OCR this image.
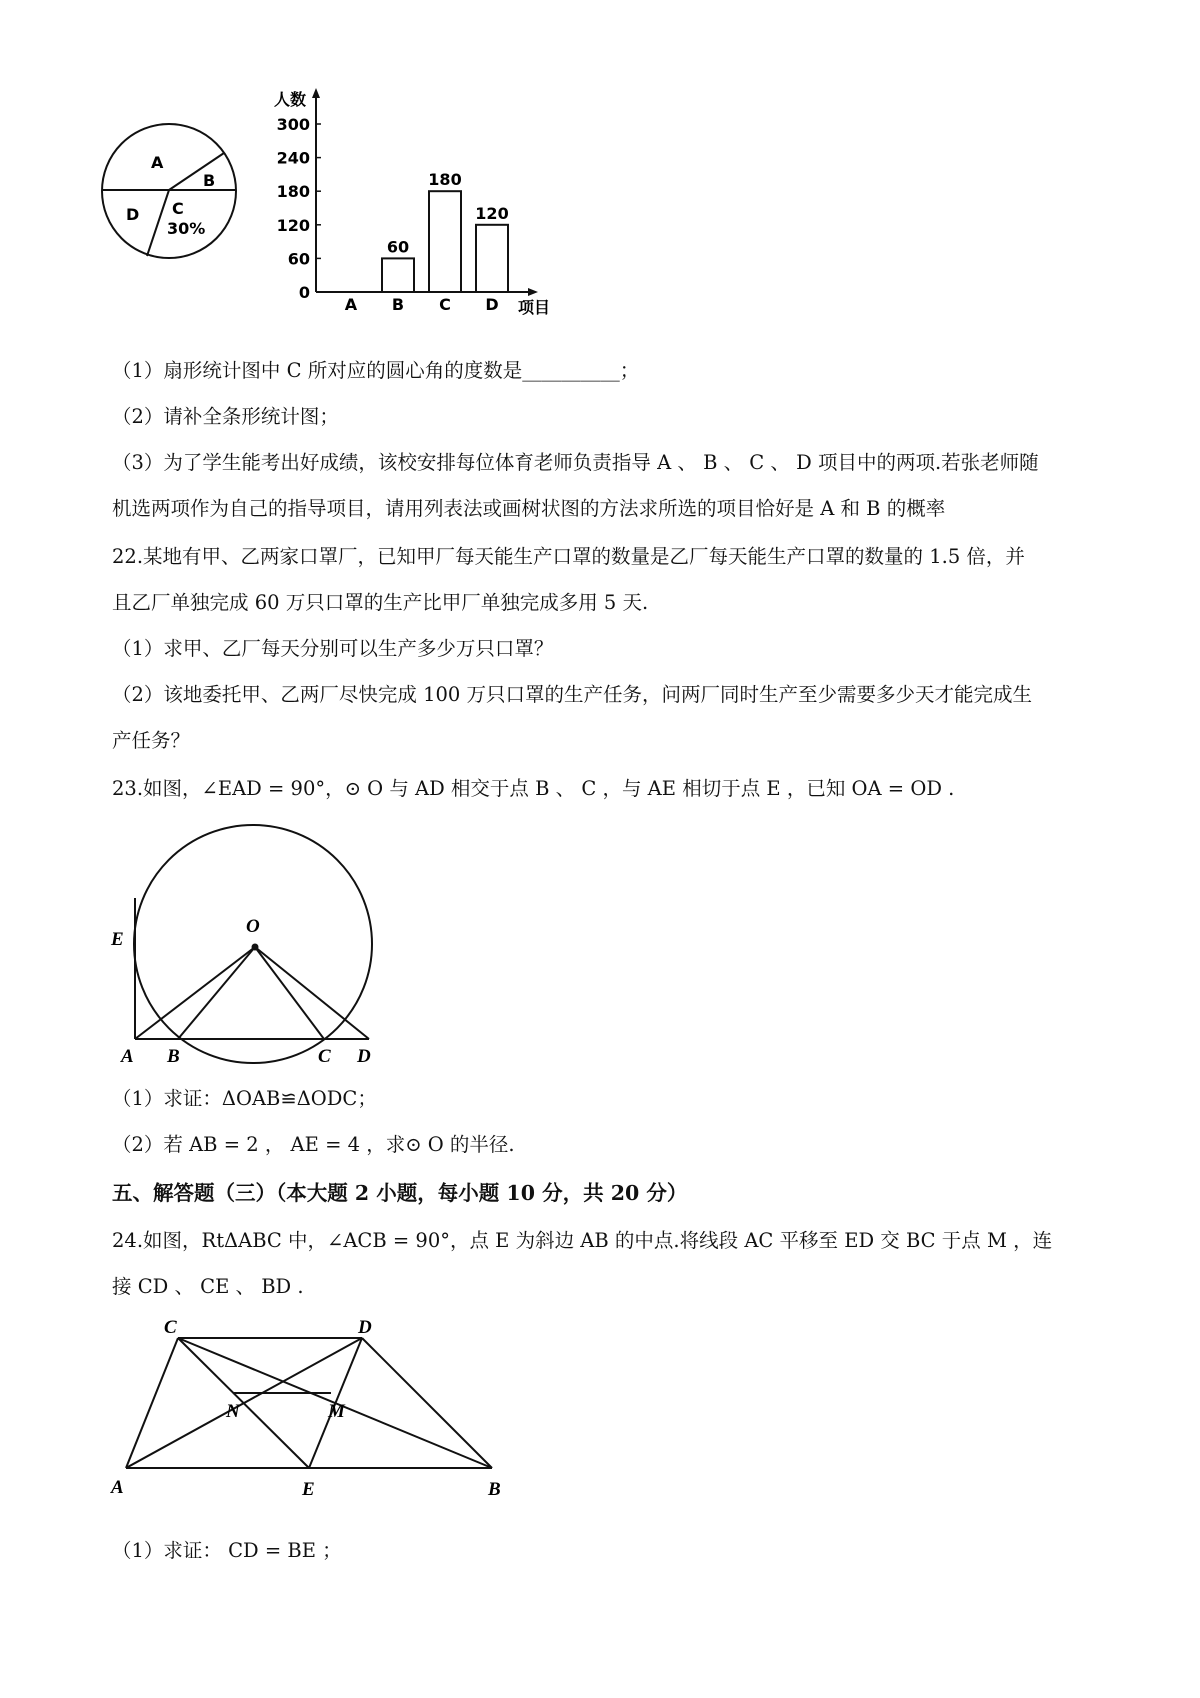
A
B
C
30%
D
0
60
120
180
240
300
人数
项目
A B
60
C
180
D
120
（1）扇形统计图中 C 所对应的圆心角的度数是__________；
（2）请补全条形统计图；
（3）为了学生能考出好成绩，该校安排每位体育老师负责指导 A 、 B 、 C 、 D 项目中的两项.若张老师随
机选两项作为自己的指导项目，请用列表法或画树状图的方法求所选的项目恰好是 A 和 B 的概率
22.某地有甲、乙两家口罩厂，已知甲厂每天能生产口罩的数量是乙厂每天能生产口罩的数量的 1.5 倍，并
且乙厂单独完成 60 万只口罩的生产比甲厂单独完成多用 5 天.
（1）求甲、乙厂每天分别可以生产多少万只口罩？
（2）该地委托甲、乙两厂尽快完成 100 万只口罩的生产任务，问两厂同时生产至少需要多少天才能完成生
产任务？
23.如图，∠EAD = 90°，⊙ O 与 AD 相交于点 B 、 C ，与 AE 相切于点 E ，已知 OA = OD .
E
O
A B	C D
（1）求证：ΔOAB≌ΔODC；
（2）若 AB = 2 ， AE = 4 ，求⊙ O 的半径.
五、解答题（三）（本大题 2 小题，每小题 10 分，共 20 分）
24.如图，RtΔABC 中，∠ACB = 90°，点 E 为斜边 AB 的中点.将线段 AC 平移至 ED 交 BC 于点 M ，连
接 CD 、 CE 、 BD .
C	D
N	M
A	E	B
（1）求证： CD = BE ；
